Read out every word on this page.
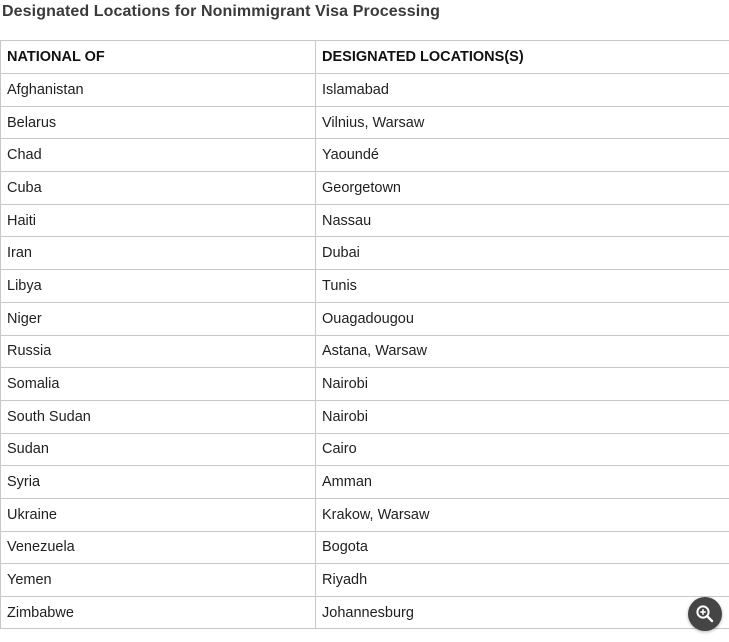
Designated Locations for Nonimmigrant Visa Processing
NATIONAL OF	DESIGNATED LOCATIONS(S)
Afghanistan	Islamabad
Belarus	Vilnius, Warsaw
Chad	Yaoundé
Cuba	Georgetown
Haiti	Nassau
Iran	Dubai
Libya	Tunis
Niger	Ouagadougou
Russia	Astana, Warsaw
Somalia	Nairobi
South Sudan	Nairobi
Sudan	Cairo
Syria	Amman
Ukraine	Krakow, Warsaw
Venezuela	Bogota
Yemen	Riyadh
Zimbabwe	Johannesburg
